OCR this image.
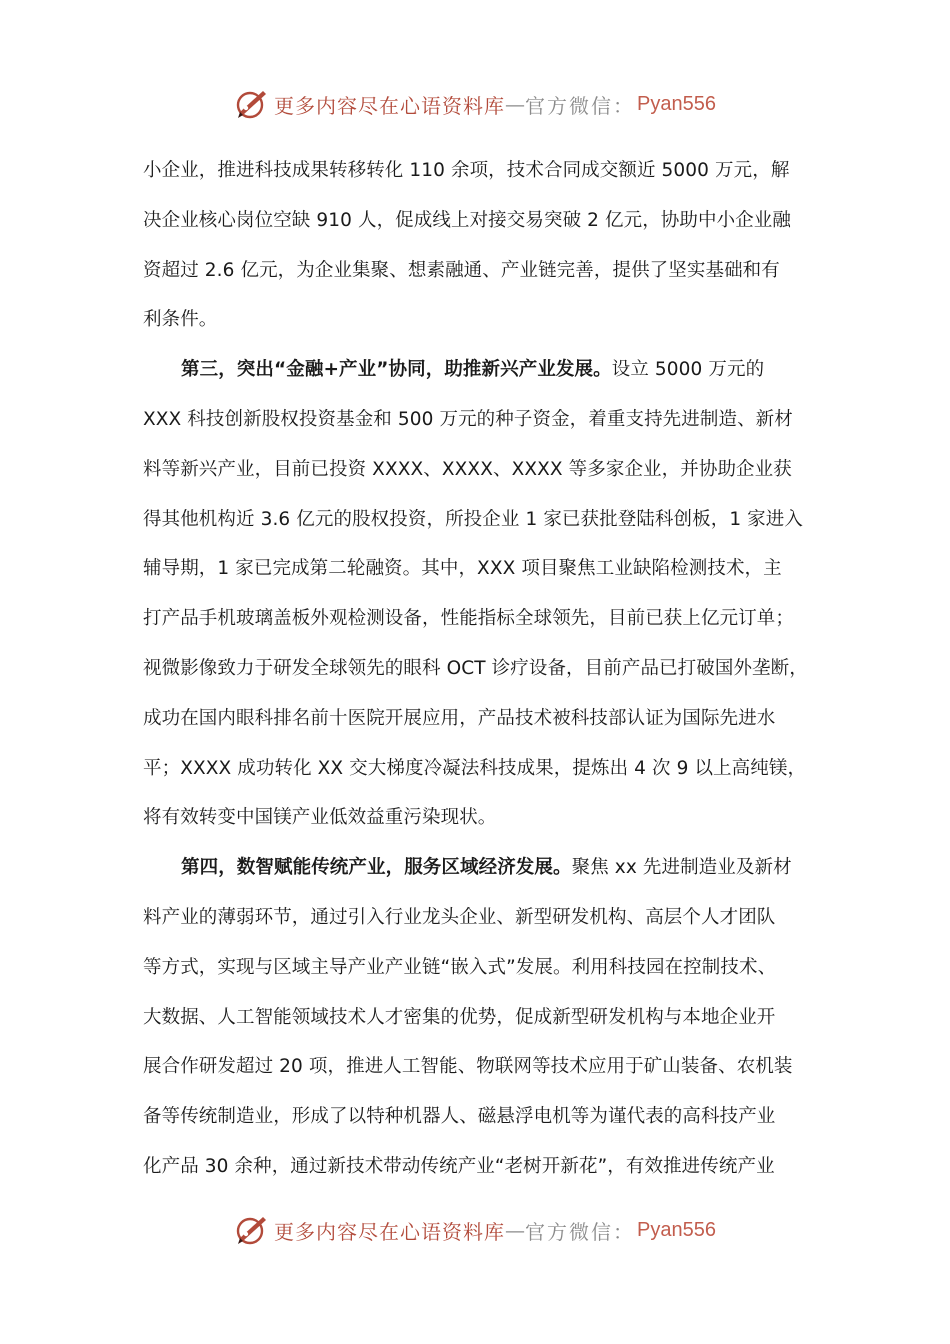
更多内容尽在心语资料库 — 官方微信： Pyan556
小企业，推进科技成果转移转化 110 余项，技术合同成交额近 5000 万元，解
决企业核心岗位空缺 910 人，促成线上对接交易突破 2 亿元，协助中小企业融
资超过 2.6 亿元，为企业集聚、想素融通、产业链完善，提供了坚实基础和有
利条件。
第三，突出“金融+产业”协同，助推新兴产业发展。设立 5000 万元的
XXX 科技创新股权投资基金和 500 万元的种子资金，着重支持先进制造、新材
料等新兴产业，目前已投资 XXXX、XXXX、XXXX 等多家企业，并协助企业获
得其他机构近 3.6 亿元的股权投资，所投企业 1 家已获批登陆科创板，1 家进入
辅导期，1 家已完成第二轮融资。其中，XXX 项目聚焦工业缺陷检测技术，主
打产品手机玻璃盖板外观检测设备，性能指标全球领先，目前已获上亿元订单；
视微影像致力于研发全球领先的眼科 OCT 诊疗设备，目前产品已打破国外垄断，
成功在国内眼科排名前十医院开展应用，产品技术被科技部认证为国际先进水
平；XXXX 成功转化 XX 交大梯度冷凝法科技成果，提炼出 4 次 9 以上高纯镁，
将有效转变中国镁产业低效益重污染现状。
第四，数智赋能传统产业，服务区域经济发展。聚焦 xx 先进制造业及新材
料产业的薄弱环节，通过引入行业龙头企业、新型研发机构、高层个人才团队
等方式，实现与区域主导产业产业链“嵌入式”发展。利用科技园在控制技术、
大数据、人工智能领域技术人才密集的优势，促成新型研发机构与本地企业开
展合作研发超过 20 项，推进人工智能、物联网等技术应用于矿山装备、农机装
备等传统制造业，形成了以特种机器人、磁悬浮电机等为谨代表的高科技产业
化产品 30 余种，通过新技术带动传统产业“老树开新花”，有效推进传统产业
更多内容尽在心语资料库 — 官方微信： Pyan556
